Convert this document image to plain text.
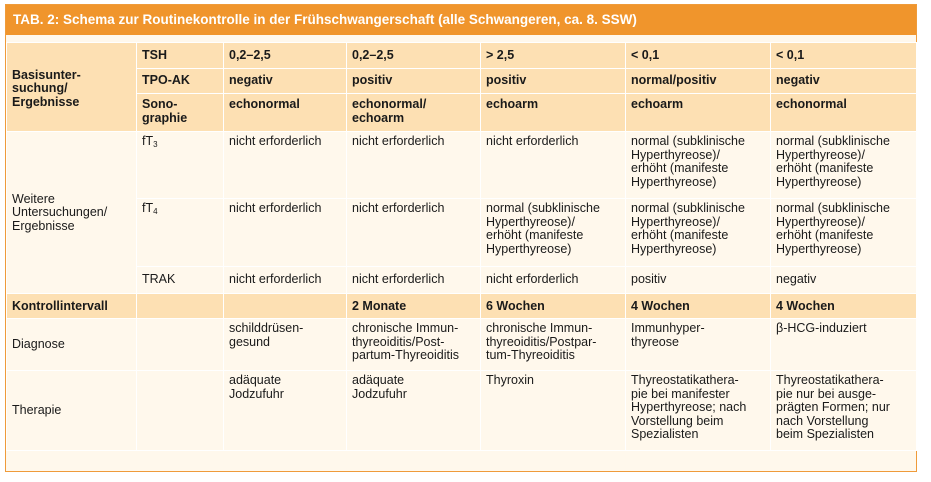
TAB. 2: Schema zur Routinekontrolle in der Frühschwangerschaft (alle Schwangeren, ca. 8. SSW)
Basisunter-
suchung/
Ergebnisse	TSH	0,2–2,5	0,2–2,5	> 2,5	< 0,1	< 0,1
	TPO-AK	negativ	positiv	positiv	normal/positiv	negativ
	Sono-
graphie	echonormal	echonormal/
echoarm	echoarm	echoarm	echonormal
Weitere
Untersuchungen/
Ergebnisse	$fT_3$	nicht erforderlich	nicht erforderlich	nicht erforderlich	normal (subklinische
Hyperthyreose)/
erhöht (manifeste
Hyperthyreose)	normal (subklinische
Hyperthyreose)/
erhöht (manifeste
Hyperthyreose)
	$fT_4$	nicht erforderlich	nicht erforderlich	normal (subklinische
Hyperthyreose)/
erhöht (manifeste
Hyperthyreose)	normal (subklinische
Hyperthyreose)/
erhöht (manifeste
Hyperthyreose)	normal (subklinische
Hyperthyreose)/
erhöht (manifeste
Hyperthyreose)
	TRAK	nicht erforderlich	nicht erforderlich	nicht erforderlich	positiv	negativ
Kontrollintervall			2 Monate	6 Wochen	4 Wochen	4 Wochen
Diagnose		schilddrüsen-
gesund	chronische Immun-
thyreoiditis/Post-
partum-Thyreoiditis	chronische Immun-
thyreoiditis/Postpar-
tum-Thyreoiditis	Immunhyper-
thyreose	β-HCG-induziert
Therapie		adäquate
Jodzufuhr	adäquate
Jodzufuhr	Thyroxin	Thyreostatikathera-
pie bei manifester
Hyperthyreose; nach
Vorstellung beim
Spezialisten	Thyreostatikathera-
pie nur bei ausge-
prägten Formen; nur
nach Vorstellung
beim Spezialisten
